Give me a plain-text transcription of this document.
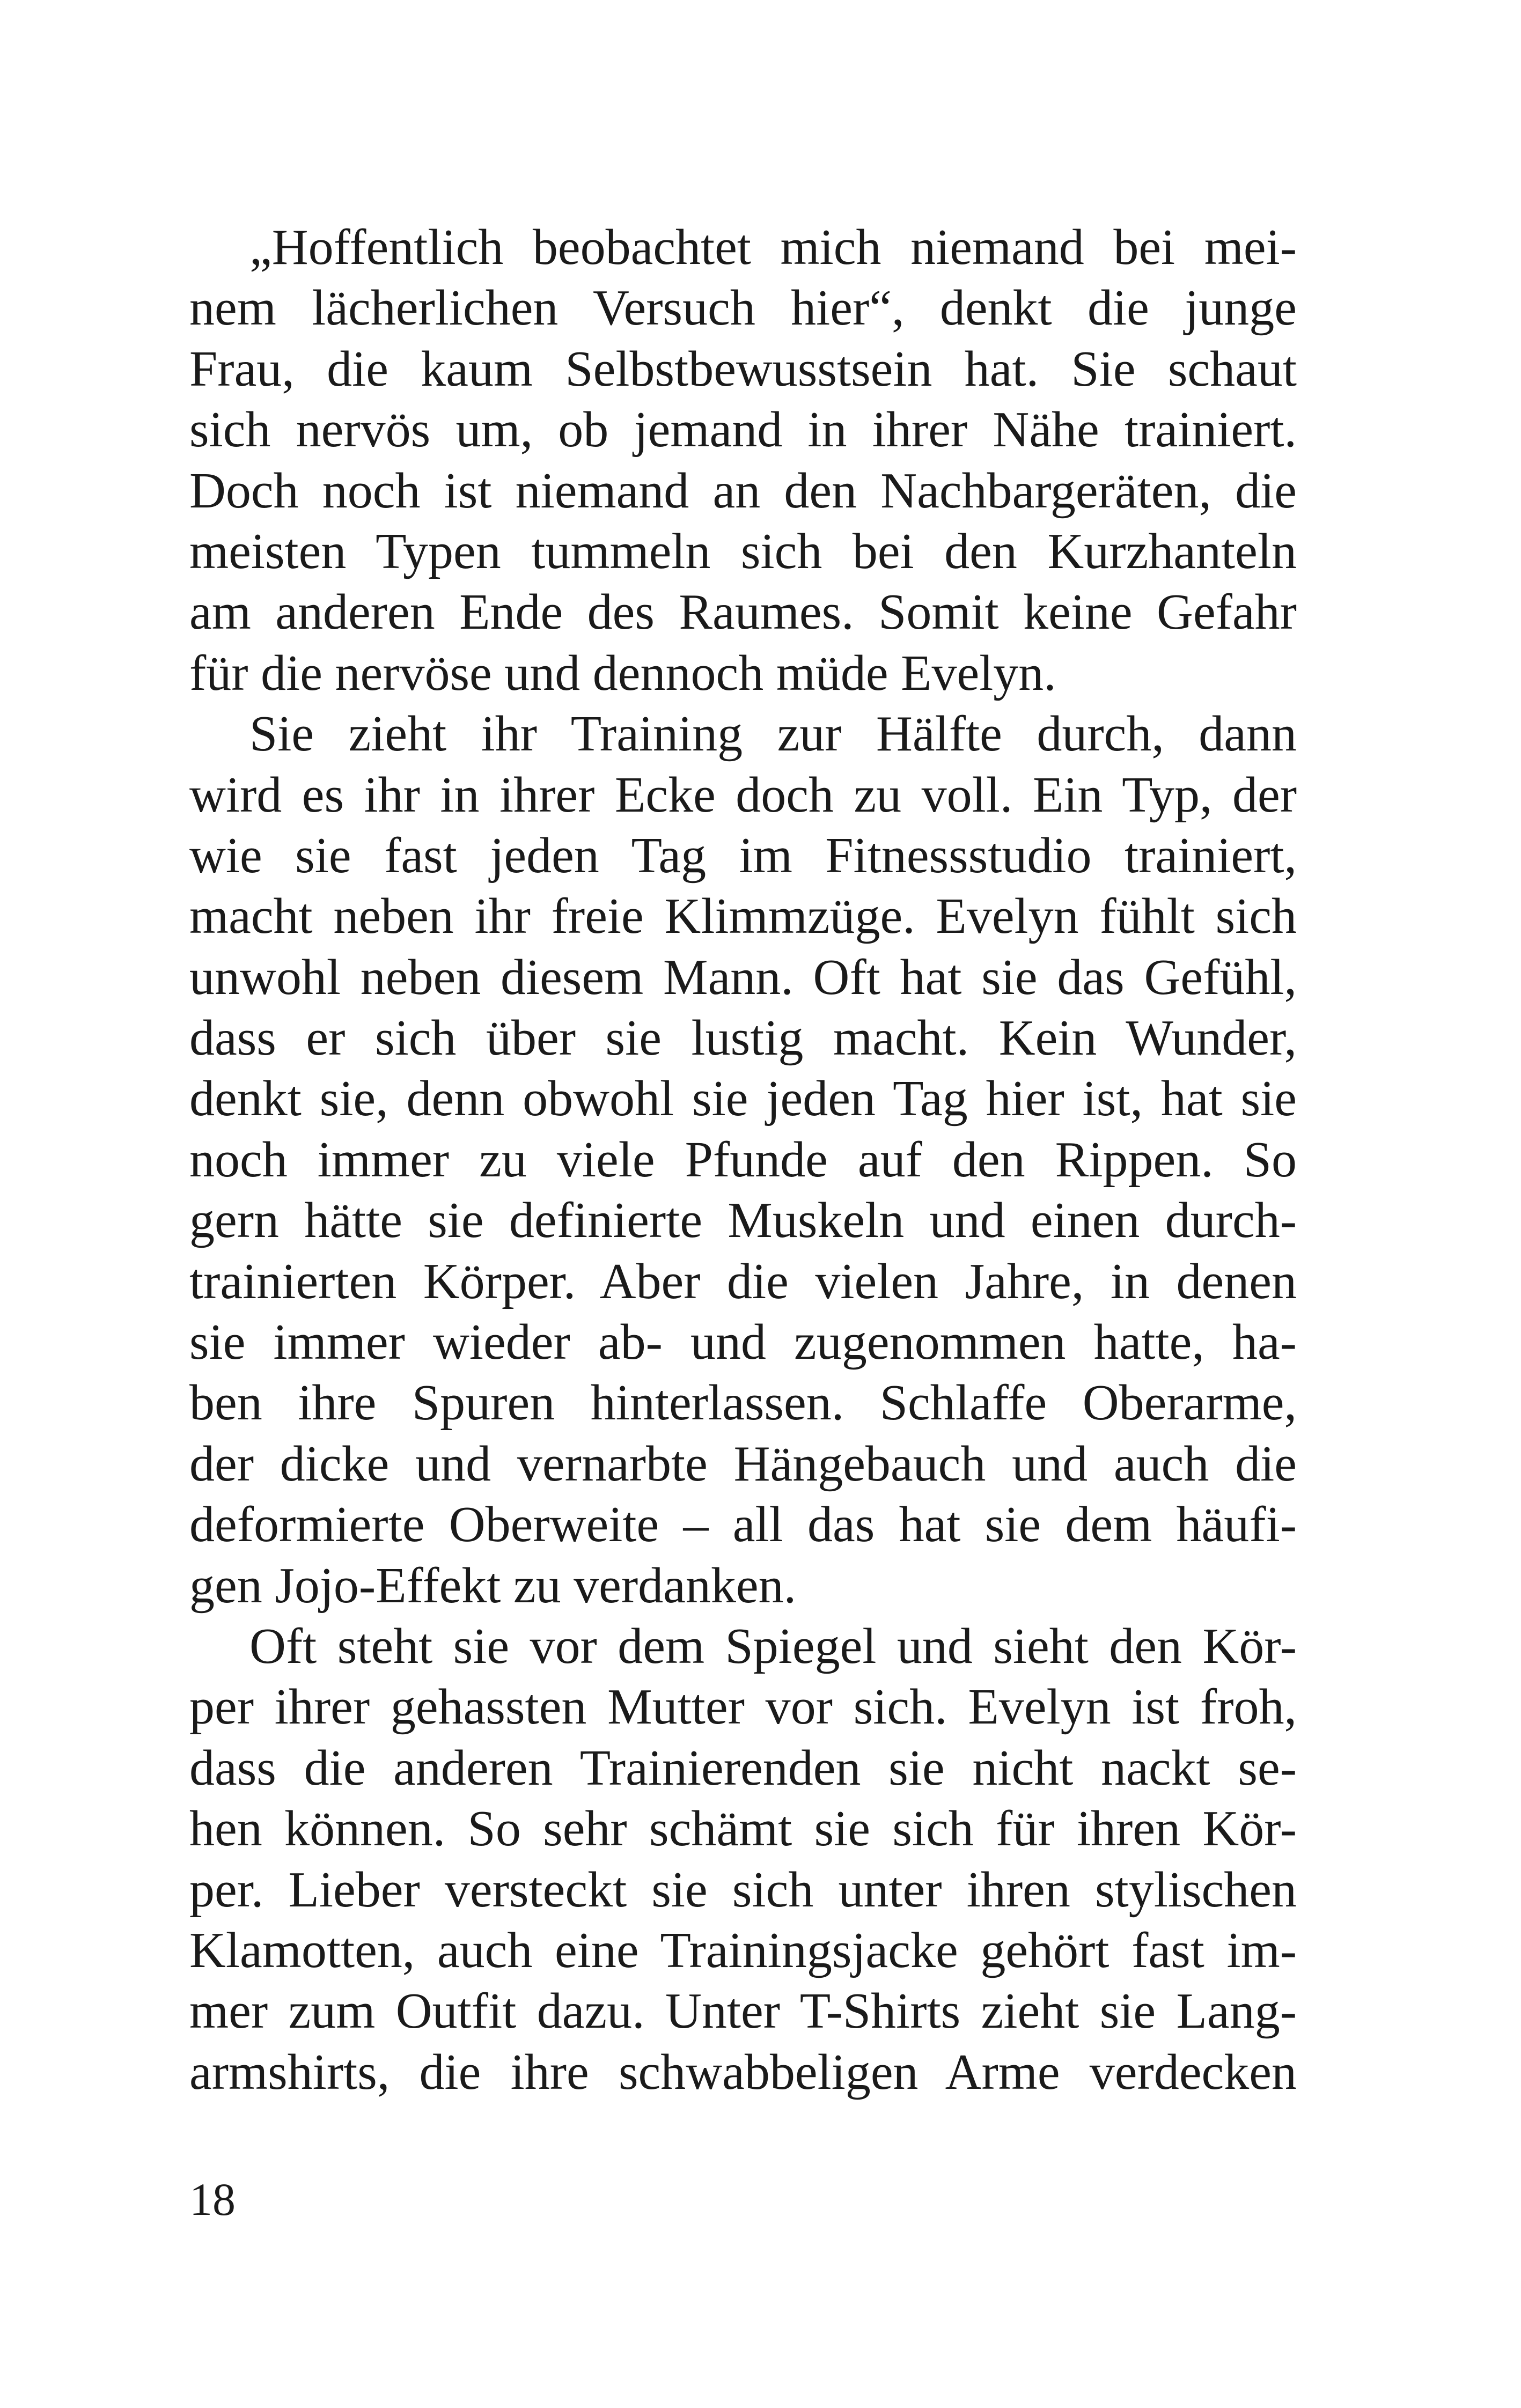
„Hoffentlich beobachtet mich niemand bei mei-
nem lächerlichen Versuch hier“, denkt die junge
Frau, die kaum Selbstbewusstsein hat. Sie schaut
sich nervös um, ob jemand in ihrer Nähe trainiert.
Doch noch ist niemand an den Nachbargeräten, die
meisten Typen tummeln sich bei den Kurzhanteln
am anderen Ende des Raumes. Somit keine Gefahr
für die nervöse und dennoch müde Evelyn.

Sie zieht ihr Training zur Hälfte durch, dann
wird es ihr in ihrer Ecke doch zu voll. Ein Typ, der
wie sie fast jeden Tag im Fitnessstudio trainiert,
macht neben ihr freie Klimmzüge. Evelyn fühlt sich
unwohl neben diesem Mann. Oft hat sie das Gefühl,
dass er sich über sie lustig macht. Kein Wunder,
denkt sie, denn obwohl sie jeden Tag hier ist, hat sie
noch immer zu viele Pfunde auf den Rippen. So
gern hätte sie definierte Muskeln und einen durch-
trainierten Körper. Aber die vielen Jahre, in denen
sie immer wieder ab- und zugenommen hatte, ha-
ben ihre Spuren hinterlassen. Schlaffe Oberarme,
der dicke und vernarbte Hängebauch und auch die
deformierte Oberweite – all das hat sie dem häufi-
gen Jojo-Effekt zu verdanken.

Oft steht sie vor dem Spiegel und sieht den Kör-
per ihrer gehassten Mutter vor sich. Evelyn ist froh,
dass die anderen Trainierenden sie nicht nackt se-
hen können. So sehr schämt sie sich für ihren Kör-
per. Lieber versteckt sie sich unter ihren stylischen
Klamotten, auch eine Trainingsjacke gehört fast im-
mer zum Outfit dazu. Unter T-Shirts zieht sie Lang-
armshirts, die ihre schwabbeligen Arme verdecken

18
